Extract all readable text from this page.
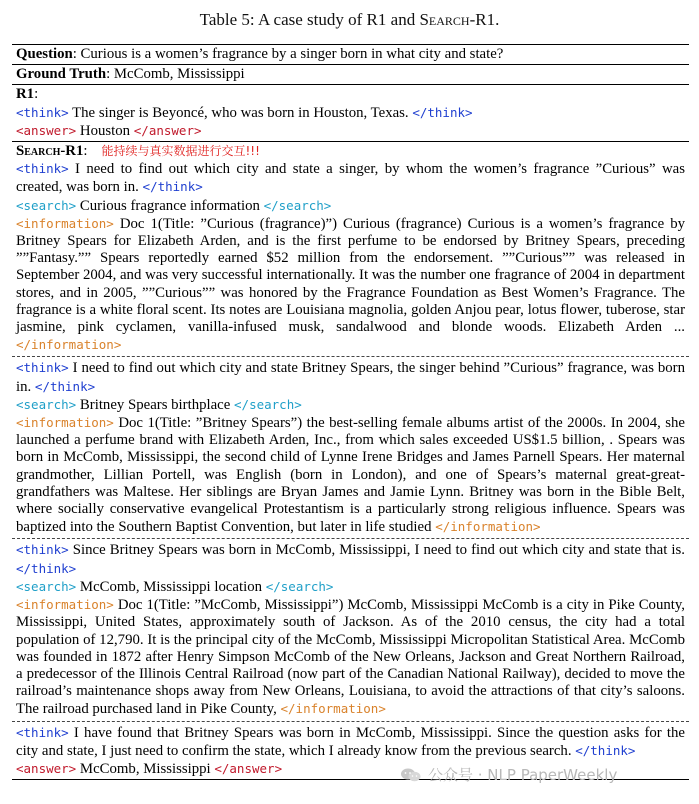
Table 5: A case study of R1 and Search-R1.
Question: Curious is a women’s fragrance by a singer born in what city and state?
Ground Truth: McComb, Mississippi
R1:
<think> The singer is Beyoncé, who was born in Houston, Texas. </think>
<answer> Houston </answer>
Search-R1: 能持续与真实数据进行交互!!!
<think> I need to find out which city and state a singer, by whom the women’s fragrance ”Curious” was created, was born in. </think>
<search> Curious fragrance information </search>
<information> Doc 1(Title: ”Curious (fragrance)”) Curious (fragrance) Curious is a women’s fragrance by Britney Spears for Elizabeth Arden, and is the first perfume to be endorsed by Britney Spears, preceding ””Fantasy.”” Spears reportedly earned $52 million from the endorsement. ””Curious”” was released in September 2004, and was very successful internationally. It was the number one fragrance of 2004 in department stores, and in 2005, ””Curious”” was honored by the Fragrance Foundation as Best Women’s Fragrance. The fragrance is a white floral scent. Its notes are Louisiana magnolia, golden Anjou pear, lotus flower, tuberose, star jasmine, pink cyclamen, vanilla-infused musk, sandalwood and blonde woods. Elizabeth Arden ... </information>
<think> I need to find out which city and state Britney Spears, the singer behind ”Curious” fragrance, was born in. </think>
<search> Britney Spears birthplace </search>
<information> Doc 1(Title: ”Britney Spears”) the best-selling female albums artist of the 2000s. In 2004, she launched a perfume brand with Elizabeth Arden, Inc., from which sales exceeded US$1.5 billion, . Spears was born in McComb, Mississippi, the second child of Lynne Irene Bridges and James Parnell Spears. Her maternal grandmother, Lillian Portell, was English (born in London), and one of Spears’s maternal great-great-grandfathers was Maltese. Her siblings are Bryan James and Jamie Lynn. Britney was born in the Bible Belt, where socially conservative evangelical Protestantism is a particularly strong religious influence. Spears was baptized into the Southern Baptist Convention, but later in life studied </information>
<think> Since Britney Spears was born in McComb, Mississippi, I need to find out which city and state that is. </think>
<search> McComb, Mississippi location </search>
<information> Doc 1(Title: ”McComb, Mississippi”) McComb, Mississippi McComb is a city in Pike County, Mississippi, United States, approximately south of Jackson. As of the 2010 census, the city had a total population of 12,790. It is the principal city of the McComb, Mississippi Micropolitan Statistical Area. McComb was founded in 1872 after Henry Simpson McComb of the New Orleans, Jackson and Great Northern Railroad, a predecessor of the Illinois Central Railroad (now part of the Canadian National Railway), decided to move the railroad’s maintenance shops away from New Orleans, Louisiana, to avoid the attractions of that city’s saloons. The railroad purchased land in Pike County, </information>
<think> I have found that Britney Spears was born in McComb, Mississippi. Since the question asks for the city and state, I just need to confirm the state, which I already know from the previous search. </think>
<answer> McComb, Mississippi </answer>	公众号 · NLP PaperWeekly
